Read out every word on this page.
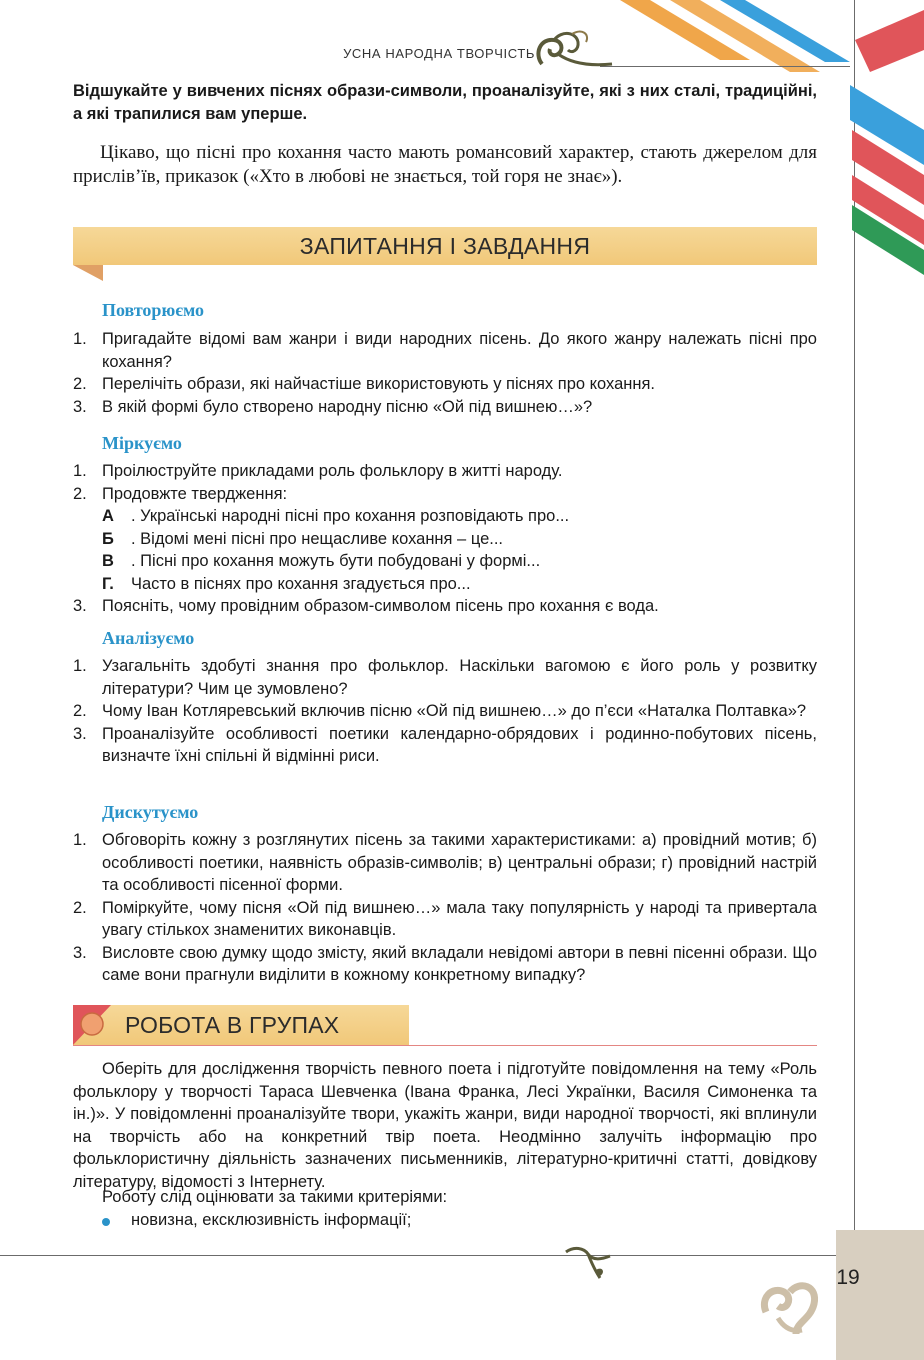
УСНА НАРОДНА ТВОРЧІСТЬ

Відшукайте у вивчених піснях образи-символи, проаналізуйте, які з них сталі, традиційні, а які трапилися вам уперше.

Цікаво, що пісні про кохання часто мають романсовий характер, стають джерелом для прислів’їв, приказок («Хто в любові не знається, той горя не знає»).

ЗАПИТАННЯ І ЗАВДАННЯ
Повторюємо
1. Пригадайте відомі вам жанри і види народних пісень. До якого жанру належать пісні про кохання?
2. Перелічіть образи, які найчастіше використовують у піснях про кохання.
3. В якій формі було створено народну пісню «Ой під вишнею…»?
Міркуємо
1. Проілюструйте прикладами роль фольклору в житті народу.
2. Продовжте твердження:
А . Українські народні пісні про кохання розповідають про...
Б . Відомі мені пісні про нещасливе кохання – це...
В . Пісні про кохання можуть бути побудовані у формі...
Г. Часто в піснях про кохання згадується про...
3. Поясніть, чому провідним образом-символом пісень про кохання є вода.
Аналізуємо
1. Узагальніть здобуті знання про фольклор. Наскільки вагомою є його роль у розвитку літератури? Чим це зумовлено?
2. Чому Іван Котляревський включив пісню «Ой під вишнею…» до п’єси «Наталка Полтавка»?
3. Проаналізуйте особливості поетики календарно-обрядових і родинно-побутових пісень, визначте їхні спільні й відмінні риси.
Дискутуємо
1. Обговоріть кожну з розглянутих пісень за такими характеристиками: а) провідний мотив; б) особливості поетики, наявність образів-символів; в) центральні образи; г) провідний настрій та особливості пісенної форми.
2. Поміркуйте, чому пісня «Ой під вишнею…» мала таку популярність у народі та привертала увагу стількох знаменитих виконавців.
3. Висловте свою думку щодо змісту, який вкладали невідомі автори в певні пісенні образи. Що саме вони прагнули виділити в кожному конкретному випадку?
РОБОТА В ГРУПАХ

Оберіть для дослідження творчість певного поета і підготуйте повідомлення на тему «Роль фольклору у творчості Тараса Шевченка (Івана Франка, Лесі Українки, Василя Симоненка та ін.)». У повідомленні проаналізуйте твори, укажіть жанри, види народної творчості, які вплинули на творчість або на конкретний твір поета. Неодмінно залучіть інформацію про фольклористичну діяльність зазначених письменників, літературно-критичні статті, довідкову літературу, відомості з Інтернету.

Роботу слід оцінювати за такими критеріями:
новизна, ексклюзивність інформації;
19
